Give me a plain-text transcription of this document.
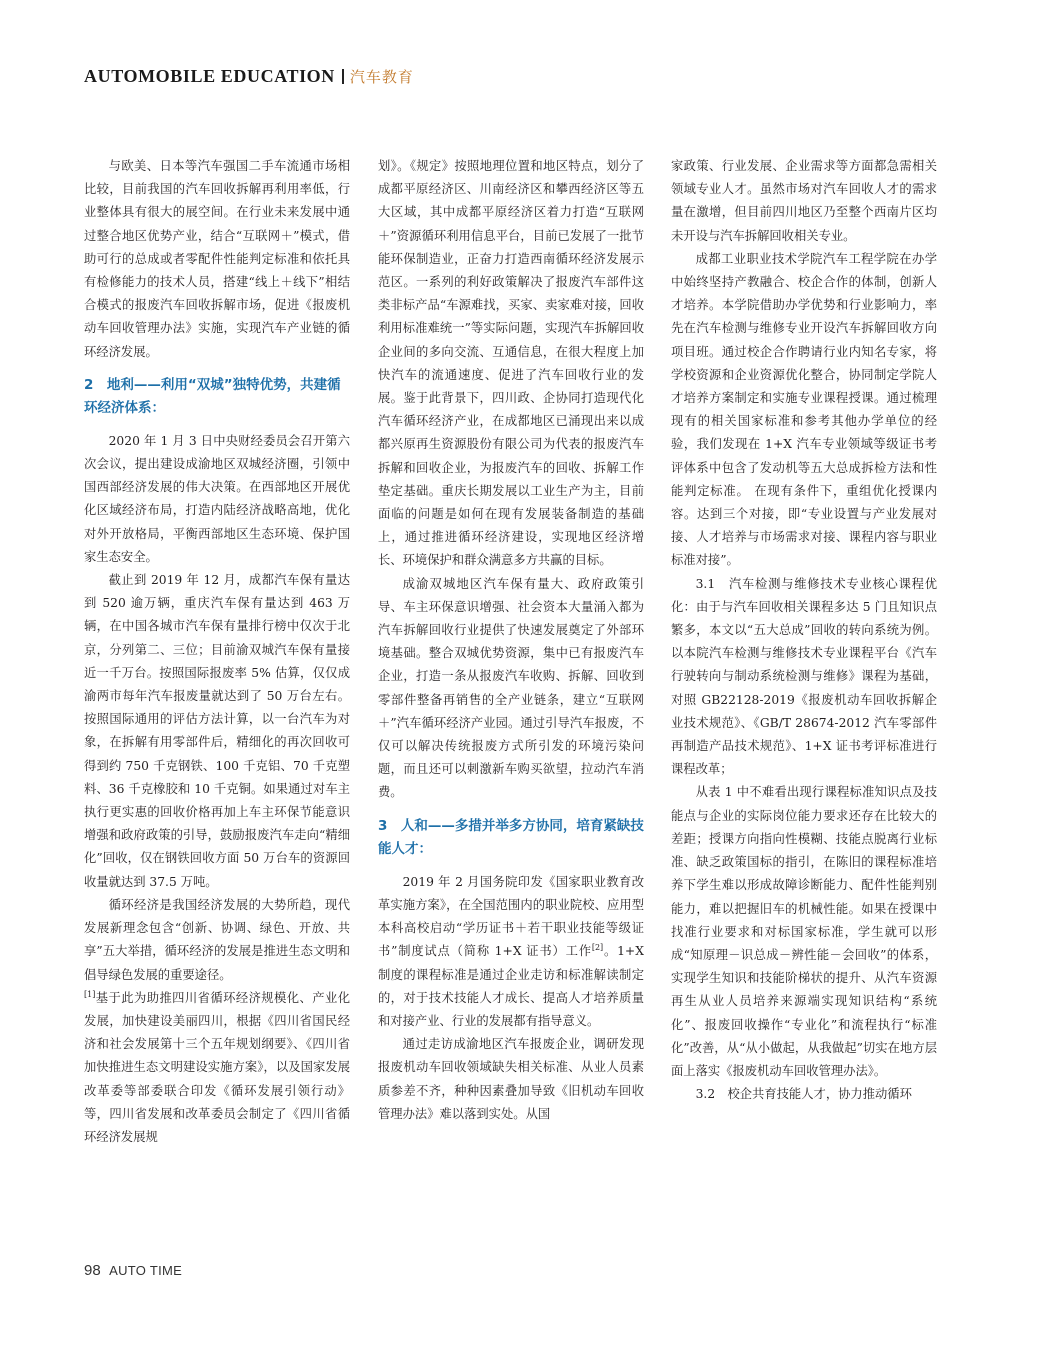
AUTOMOBILE EDUCATION 汽车教育

与欧美、日本等汽车强国二手车流通市场相比较，目前我国的汽车回收拆解再利用率低，行业整体具有很大的展空间。在行业未来发展中通过整合地区优势产业，结合“互联网＋”模式，借助可行的总成或者零配件性能判定标准和依托具有检修能力的技术人员，搭建“线上＋线下”相结合模式的报废汽车回收拆解市场，促进《报废机动车回收管理办法》实施，实现汽车产业链的循环经济发展。

2　地利——利用“双城”独特优势，共建循环经济体系：

2020 年 1 月 3 日中央财经委员会召开第六次会议，提出建设成渝地区双城经济圈，引领中国西部经济发展的伟大决策。在西部地区开展优化区域经济布局，打造内陆经济战略高地，优化对外开放格局，平衡西部地区生态环境、保护国家生态安全。

截止到 2019 年 12 月，成都汽车保有量达到 520 逾万辆，重庆汽车保有量达到 463 万辆，在中国各城市汽车保有量排行榜中仅次于北京，分列第二、三位；目前渝双城汽车保有量接近一千万台。按照国际报废率 5% 估算，仅仅成渝两市每年汽车报废量就达到了 50 万台左右。按照国际通用的评估方法计算，以一台汽车为对象，在拆解有用零部件后，精细化的再次回收可得到约 750 千克钢铁、100 千克铝、70 千克塑料、36 千克橡胶和 10 千克铜。如果通过对车主执行更实惠的回收价格再加上车主环保节能意识增强和政府政策的引导，鼓励报废汽车走向“精细化”回收，仅在钢铁回收方面 50 万台车的资源回收量就达到 37.5 万吨。

循环经济是我国经济发展的大势所趋，现代发展新理念包含“创新、协调、绿色、开放、共享”五大举措，循环经济的发展是推进生态文明和倡导绿色发展的重要途径。

[1]基于此为助推四川省循环经济规模化、产业化发展，加快建设美丽四川，根据《四川省国民经济和社会发展第十三个五年规划纲要》、《四川省加快推进生态文明建设实施方案》，以及国家发展改革委等部委联合印发《循环发展引领行动》等，四川省发展和改革委员会制定了《四川省循环经济发展规

划》。《规定》按照地理位置和地区特点，划分了成都平原经济区、川南经济区和攀西经济区等五大区域，其中成都平原经济区着力打造“互联网＋”资源循环利用信息平台，目前已发展了一批节能环保制造业，正奋力打造西南循环经济发展示范区。一系列的利好政策解决了报废汽车部件这类非标产品“车源难找，买家、卖家难对接，回收利用标准难统一”等实际问题，实现汽车拆解回收企业间的多向交流、互通信息，在很大程度上加快汽车的流通速度、促进了汽车回收行业的发展。鉴于此背景下，四川政、企协同打造现代化汽车循环经济产业，在成都地区已涌现出来以成都兴原再生资源股份有限公司为代表的报废汽车拆解和回收企业，为报废汽车的回收、拆解工作垫定基础。重庆长期发展以工业生产为主，目前面临的问题是如何在现有发展装备制造的基础上，通过推进循环经济建设，实现地区经济增长、环境保护和群众满意多方共赢的目标。

成渝双城地区汽车保有量大、政府政策引导、车主环保意识增强、社会资本大量涌入都为汽车拆解回收行业提供了快速发展奠定了外部环境基础。整合双城优势资源，集中已有报废汽车企业，打造一条从报废汽车收购、拆解、回收到零部件整备再销售的全产业链条，建立“互联网＋”汽车循环经济产业园。通过引导汽车报废，不仅可以解决传统报废方式所引发的环境污染问题，而且还可以刺激新车购买欲望，拉动汽车消费。

3　人和——多措并举多方协同，培育紧缺技能人才：

2019 年 2 月国务院印发《国家职业教育改革实施方案》，在全国范围内的职业院校、应用型本科高校启动“学历证书＋若干职业技能等级证书”制度试点（简称 1+X 证书）工作[2]。1+X 制度的课程标准是通过企业走访和标准解读制定的，对于技术技能人才成长、提高人才培养质量和对接产业、行业的发展都有指导意义。

通过走访成渝地区汽车报废企业，调研发现报废机动车回收领域缺失相关标准、从业人员素质参差不齐，种种因素叠加导致《旧机动车回收管理办法》难以落到实处。从国

家政策、行业发展、企业需求等方面都急需相关领域专业人才。虽然市场对汽车回收人才的需求量在激增，但目前四川地区乃至整个西南片区均未开设与汽车拆解回收相关专业。

成都工业职业技术学院汽车工程学院在办学中始终坚持产教融合、校企合作的体制，创新人才培养。本学院借助办学优势和行业影响力，率先在汽车检测与维修专业开设汽车拆解回收方向项目班。通过校企合作聘请行业内知名专家，将学校资源和企业资源优化整合，协同制定学院人才培养方案制定和实施专业课程授课。通过梳理现有的相关国家标准和参考其他办学单位的经验，我们发现在 1+X 汽车专业领域等级证书考评体系中包含了发动机等五大总成拆检方法和性能判定标准。 在现有条件下，重组优化授课内容。达到三个对接，即“专业设置与产业发展对接、人才培养与市场需求对接、课程内容与职业标准对接”。

3.1　汽车检测与维修技术专业核心课程优化：由于与汽车回收相关课程多达 5 门且知识点繁多，本文以“五大总成”回收的转向系统为例。以本院汽车检测与维修技术专业课程平台《汽车行驶转向与制动系统检测与维修》课程为基础，对照 GB22128-2019《报废机动车回收拆解企业技术规范》、《GB/T 28674-2012 汽车零部件再制造产品技术规范》、1+X 证书考评标准进行课程改革；

从表 1 中不难看出现行课程标准知识点及技能点与企业的实际岗位能力要求还存在比较大的差距；授课方向指向性模糊、技能点脱离行业标准、缺乏政策国标的指引，在陈旧的课程标准培养下学生难以形成故障诊断能力、配件性能判别能力，难以把握旧车的机械性能。如果在授课中找准行业要求和对标国家标准，学生就可以形成“知原理－识总成－辨性能－会回收”的体系，实现学生知识和技能阶梯状的提升、从汽车资源再生从业人员培养来源端实现知识结构“系统化”、报废回收操作“专业化”和流程执行“标准化”改善，从“从小做起，从我做起”切实在地方层面上落实《报废机动车回收管理办法》。

3.2　校企共育技能人才，协力推动循环

98 AUTO TIME
